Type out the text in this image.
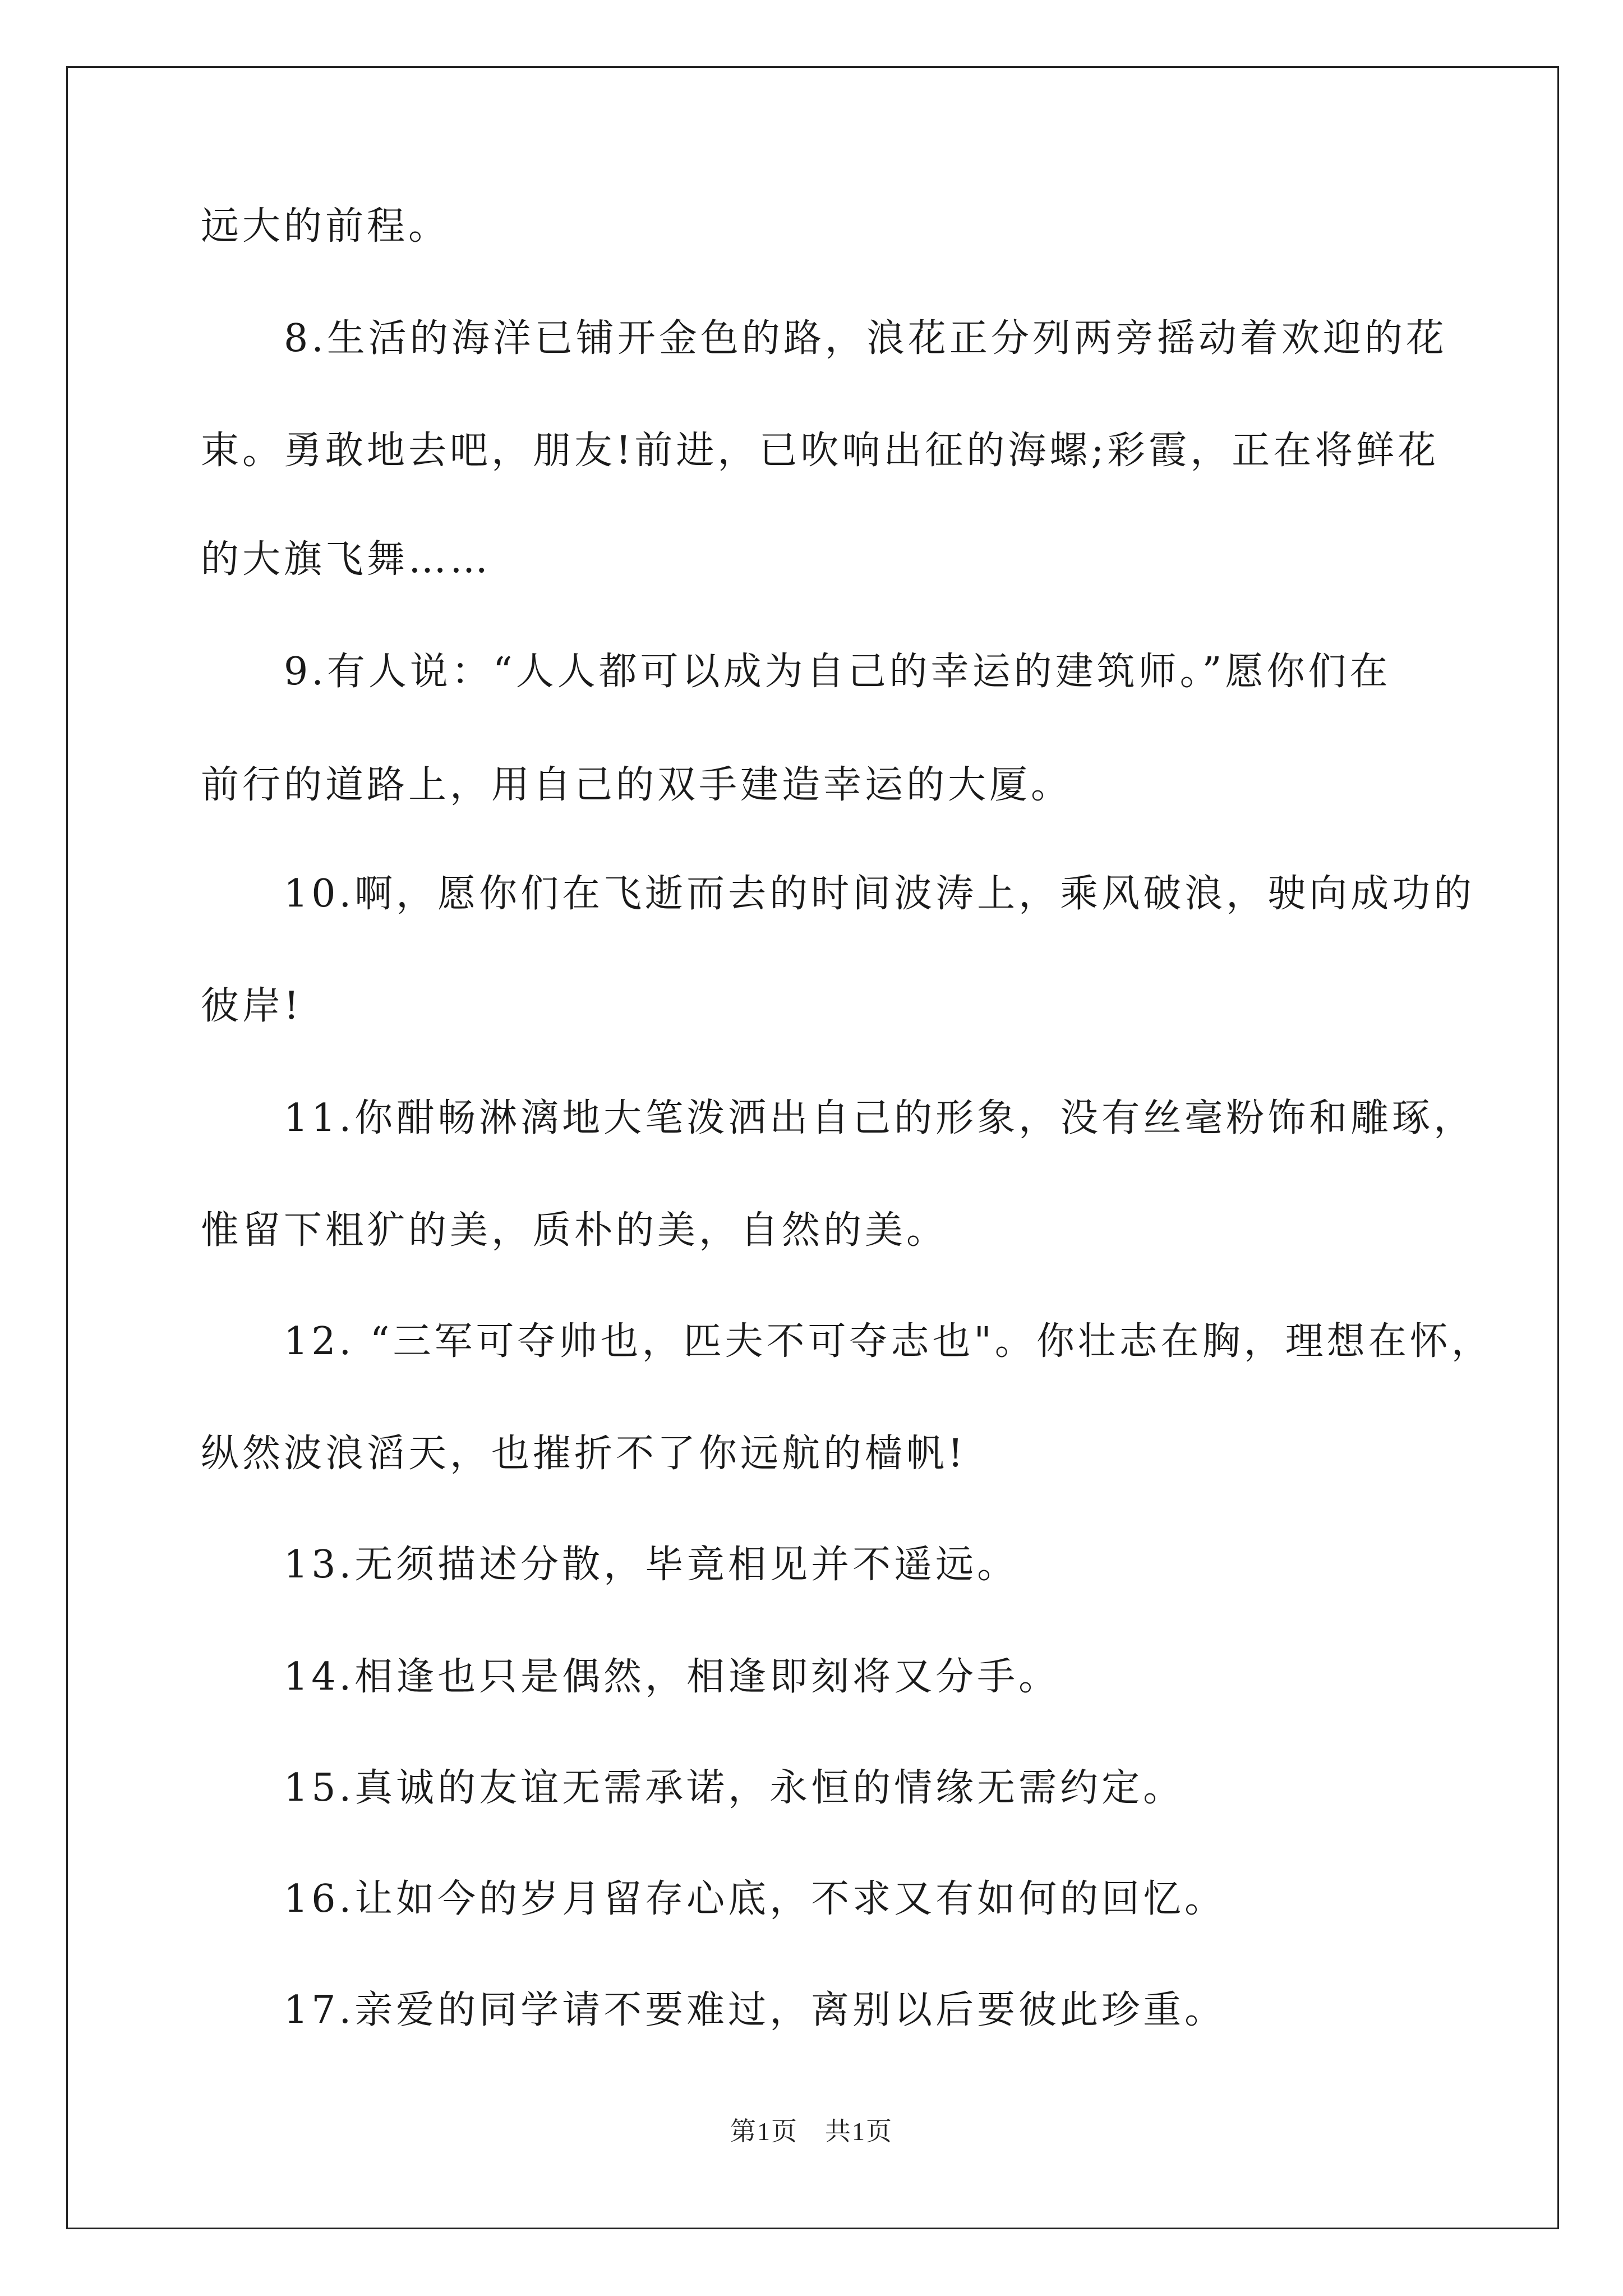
远大的前程。

8.生活的海洋已铺开金色的路，浪花正分列两旁摇动着欢迎的花

束。勇敢地去吧，朋友!前进，已吹响出征的海螺;彩霞，正在将鲜花

的大旗飞舞……

9.有人说：“人人都可以成为自己的幸运的建筑师。”愿你们在

前行的道路上，用自己的双手建造幸运的大厦。

10.啊，愿你们在飞逝而去的时间波涛上，乘风破浪，驶向成功的

彼岸!

11.你酣畅淋漓地大笔泼洒出自己的形象，没有丝毫粉饰和雕琢，

惟留下粗犷的美，质朴的美，自然的美。

12. “三军可夺帅也，匹夫不可夺志也"。你壮志在胸，理想在怀，

纵然波浪滔天，也摧折不了你远航的樯帆!

13.无须描述分散，毕竟相见并不遥远。

14.相逢也只是偶然，相逢即刻将又分手。

15.真诚的友谊无需承诺，永恒的情缘无需约定。

16.让如今的岁月留存心底，不求又有如何的回忆。

17.亲爱的同学请不要难过，离别以后要彼此珍重。

第1页　共1页
